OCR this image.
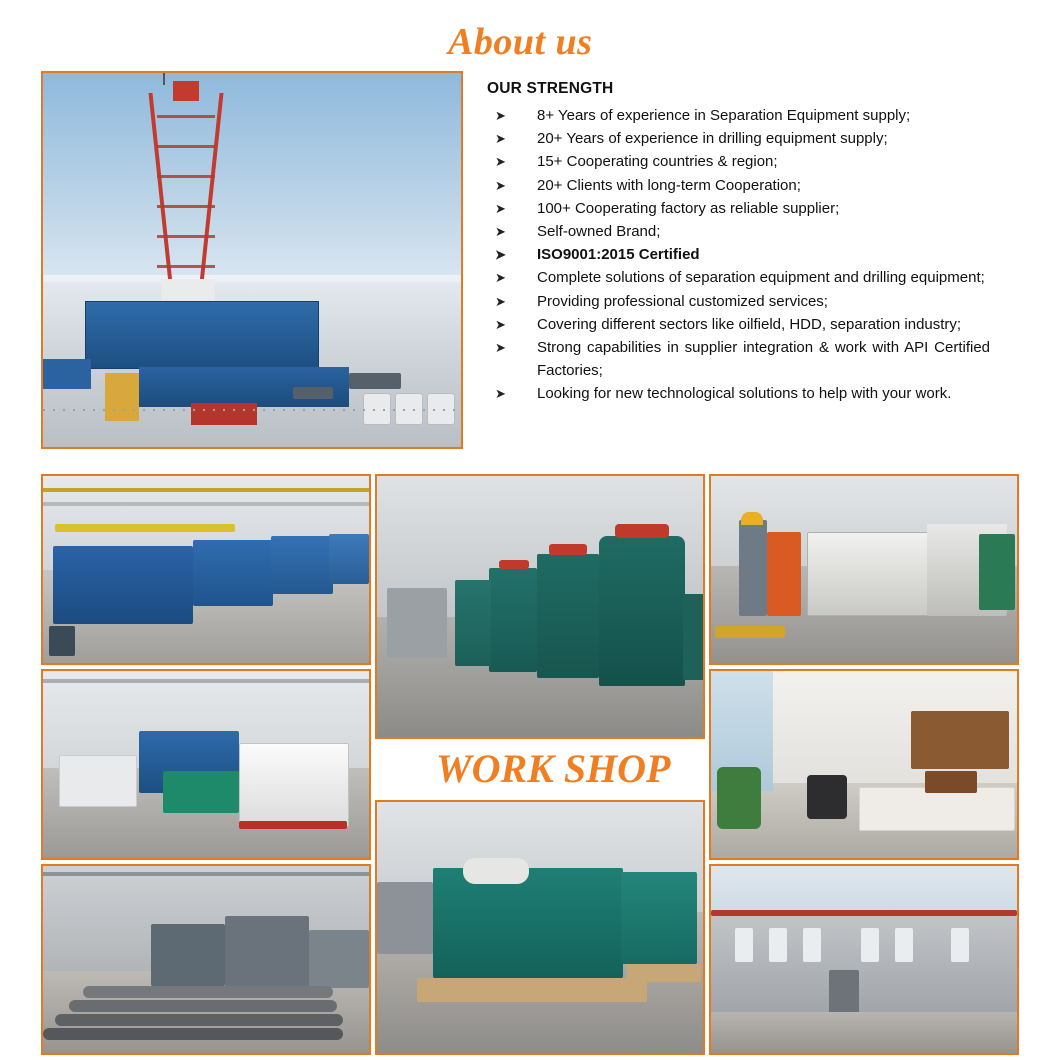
About us
OUR STRENGTH
➤ 8+ Years of experience in Separation Equipment supply;
➤ 20+ Years of experience in drilling equipment supply;
➤ 15+ Cooperating countries & region;
➤ 20+ Clients with long-term Cooperation;
➤ 100+ Cooperating factory as reliable supplier;
➤ Self-owned Brand;
➤ ISO9001:2015 Certified
➤ Complete solutions of separation equipment and drilling equipment;
➤ Providing professional customized services;
➤ Covering different sectors like oilfield, HDD, separation industry;
➤ Strong capabilities in supplier integration & work with API Certified Factories;
➤ Looking for new technological solutions to help with your work.
WORK SHOP
